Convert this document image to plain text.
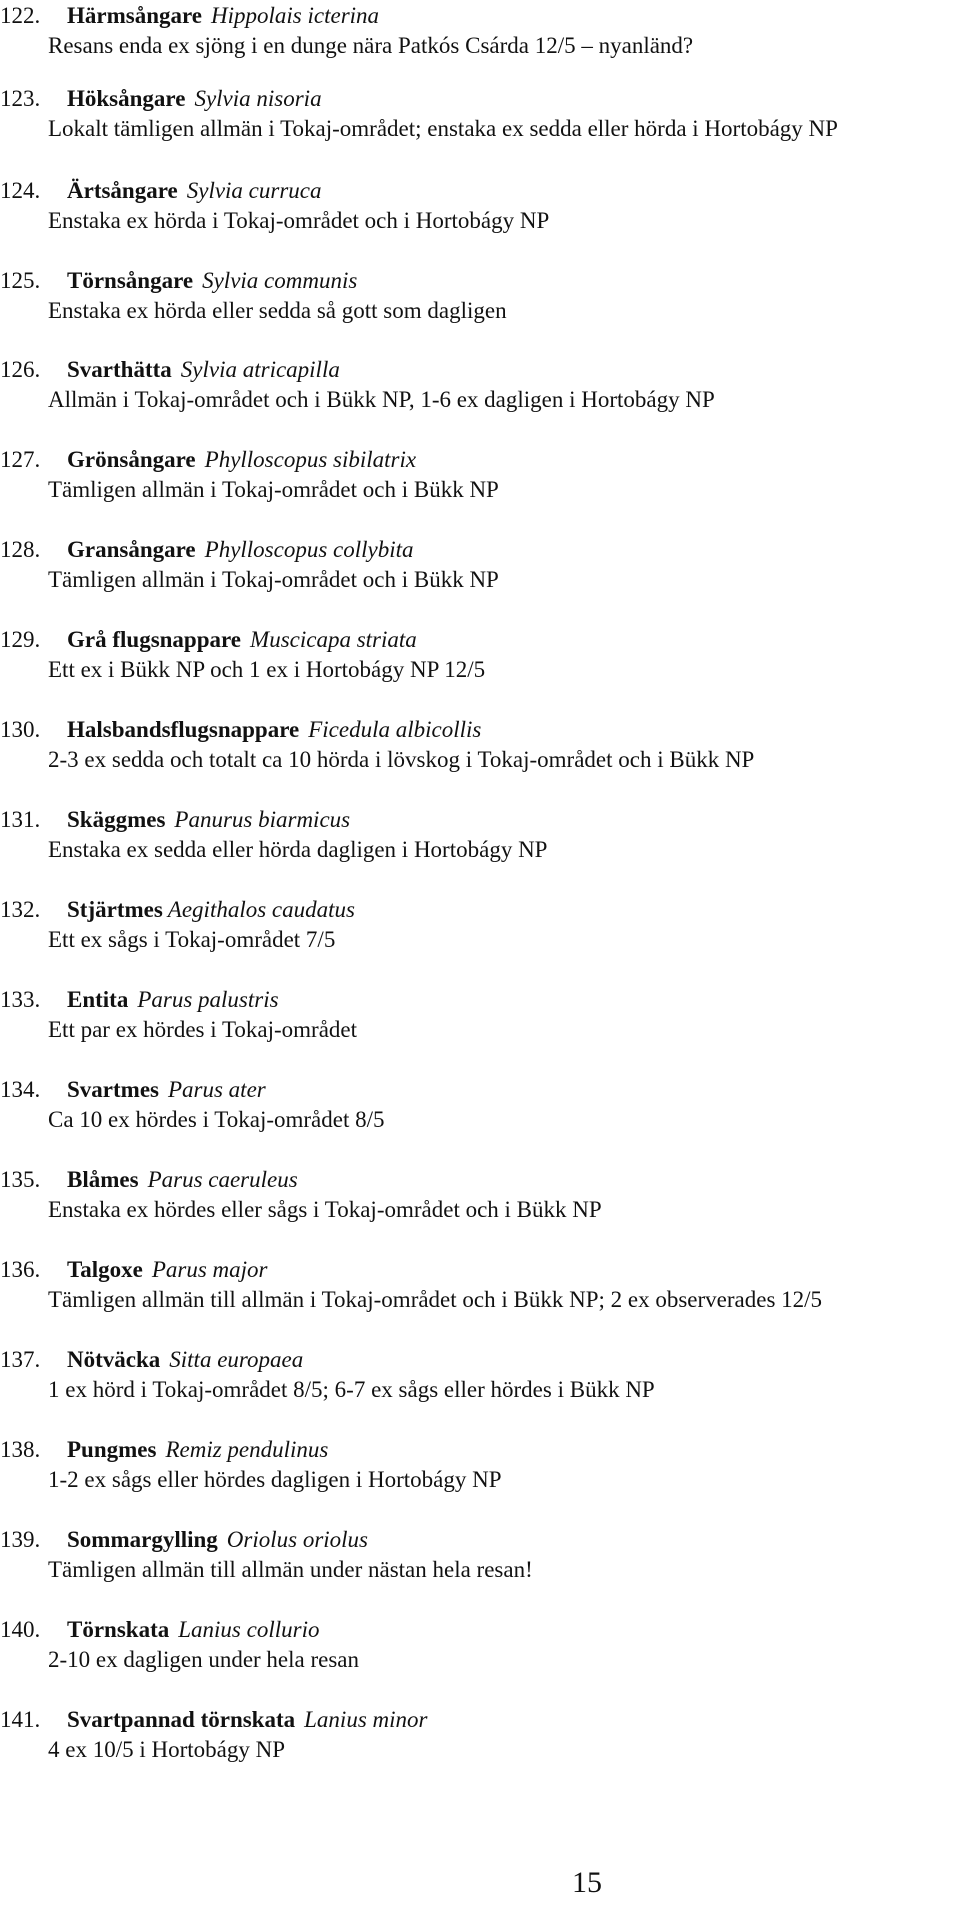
122. Härmsångare Hippolais icterina
Resans enda ex sjöng i en dunge nära Patkós Csárda 12/5 – nyanländ?
123. Höksångare Sylvia nisoria
Lokalt tämligen allmän i Tokaj-området; enstaka ex sedda eller hörda i Hortobágy NP
124. Ärtsångare Sylvia curruca
Enstaka ex hörda i Tokaj-området och i Hortobágy NP
125. Törnsångare Sylvia communis
Enstaka ex hörda eller sedda så gott som dagligen
126. Svarthätta Sylvia atricapilla
Allmän i Tokaj-området och i Bükk NP, 1-6 ex dagligen i Hortobágy NP
127. Grönsångare Phylloscopus sibilatrix
Tämligen allmän i Tokaj-området och i Bükk NP
128. Gransångare Phylloscopus collybita
Tämligen allmän i Tokaj-området och i Bükk NP
129. Grå flugsnappare Muscicapa striata
Ett ex i Bükk NP och 1 ex i Hortobágy NP 12/5
130. Halsbandsflugsnappare Ficedula albicollis
2-3 ex sedda och totalt ca 10 hörda i lövskog i Tokaj-området och i Bükk NP
131. Skäggmes Panurus biarmicus
Enstaka ex sedda eller hörda dagligen i Hortobágy NP
132. Stjärtmes Aegithalos caudatus
Ett ex sågs i Tokaj-området 7/5
133. Entita Parus palustris
Ett par ex hördes i Tokaj-området
134. Svartmes Parus ater
Ca 10 ex hördes i Tokaj-området 8/5
135. Blåmes Parus caeruleus
Enstaka ex hördes eller sågs i Tokaj-området och i Bükk NP
136. Talgoxe Parus major
Tämligen allmän till allmän i Tokaj-området och i Bükk NP; 2 ex observerades 12/5
137. Nötväcka Sitta europaea
1 ex hörd i Tokaj-området 8/5; 6-7 ex sågs eller hördes i Bükk NP
138. Pungmes Remiz pendulinus
1-2 ex sågs eller hördes dagligen i Hortobágy NP
139. Sommargylling Oriolus oriolus
Tämligen allmän till allmän under nästan hela resan!
140. Törnskata Lanius collurio
2-10 ex dagligen under hela resan
141. Svartpannad törnskata Lanius minor
4 ex 10/5 i Hortobágy NP
15
